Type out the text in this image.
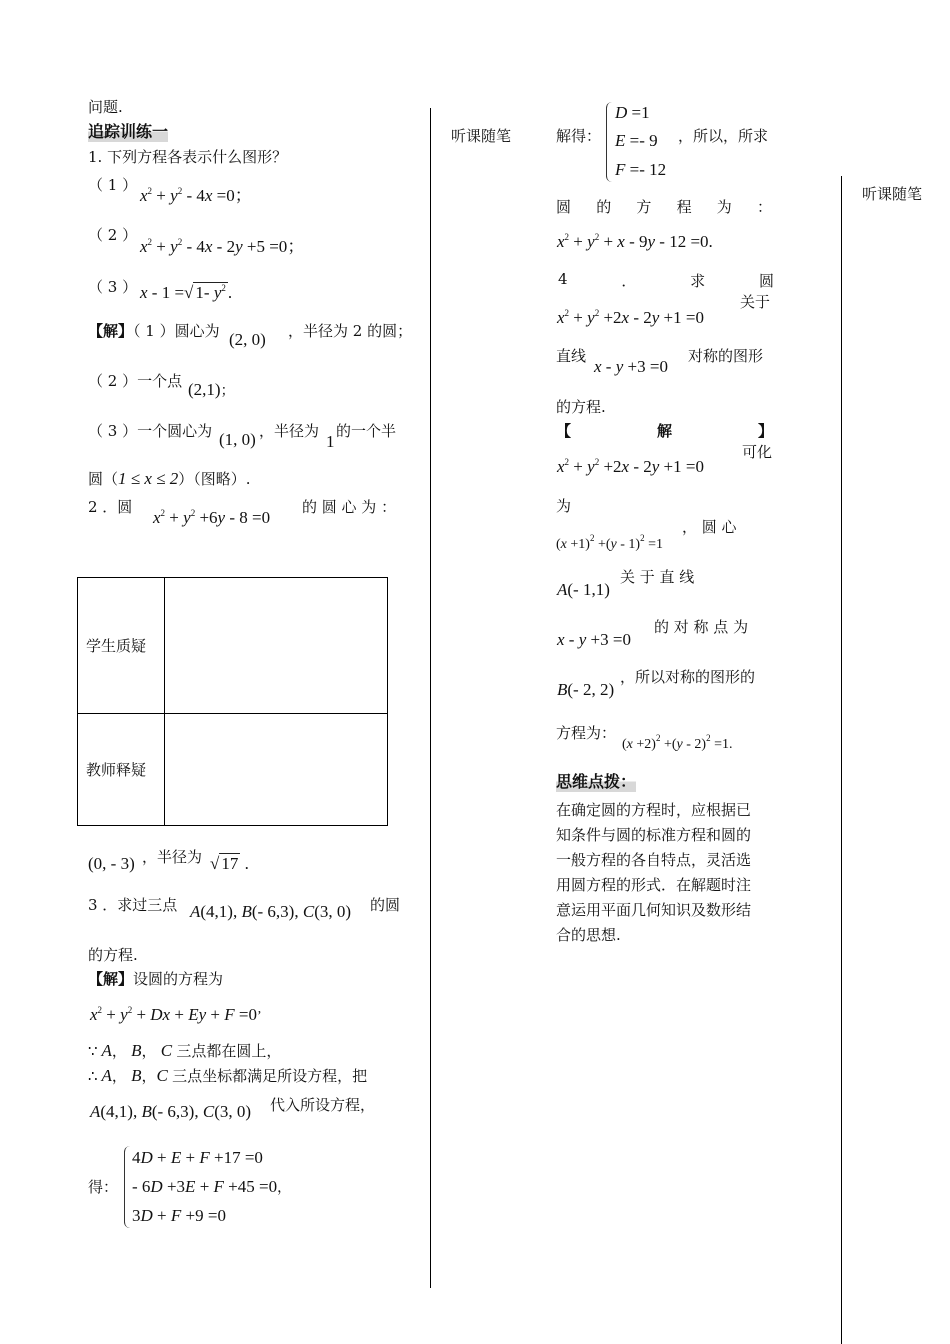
问题.
追踪训练一
1. 下列方程各表示什么图形？
（ 1 ）
$x^2 + y^2 - 4x =0$；
（ 2 ）
$x^2 + y^2 - 4x - 2y +5 =0$；
（ 3 ） x - 1 =√ 1- $y^2$ .
【解】（ 1 ）圆心为 (2, 0) ，半径为 2 的圆；
（ 2 ）一个点 (2,1)；
（ 3 ）一个圆心为 (1, 0) ，半径为
1
的一个半
圆（1 ≤ x ≤ 2）（图略）.
2 ．圆
$x^2 + y^2 +6y - 8 =0$
的 圆 心 为 ：
学生质疑	
教师释疑	
(0, - 3) ，半径为 √ 17 .
3 ．求过三点 A(4,1), B(- 6,3), C(3, 0) 的圆
的方程.
【解】设圆的方程为
$x^2 + y^2 + Dx + Ey + F =0$’
∵ A， B， C 三点都在圆上，
∴ A， B，C 三点坐标都满足所设方程，把
A(4,1), B(- 6,3), C(3, 0) 代入所设方程，
得：
4D + E + F +17 =0
- 6D +3E + F +45 =0，
3D + F +9 =0
听课随笔	解得：
D =1
E =- 9
F =- 12
，所以，所求
圆 的 方 程 为 ：
$x^2 + y^2 + x - 9y - 12 =0$.
4	．	求	圆
$x^2 + y^2 +2x - 2y +1 =0$
关于
直线
x - y +3 =0
对称的图形
的方程.
【	解	】
$x^2 + y^2 +2x - 2y +1 =0$
可化
为
$(x +1)^2 +(y - 1)^2 =1$
， 圆 心
A(- 1,1)
关 于 直 线
x - y +3 =0
的 对 称 点 为
B(- 2, 2)
，所以对称的图形的
方程为：
$(x +2)^2 +(y - 2)^2 =1$.
思维点拨：
在确定圆的方程时，应根据已
知条件与圆的标准方程和圆的
一般方程的各自特点，灵活选
用圆方程的形式．在解题时注
意运用平面几何知识及数形结
合的思想.
听课随笔
